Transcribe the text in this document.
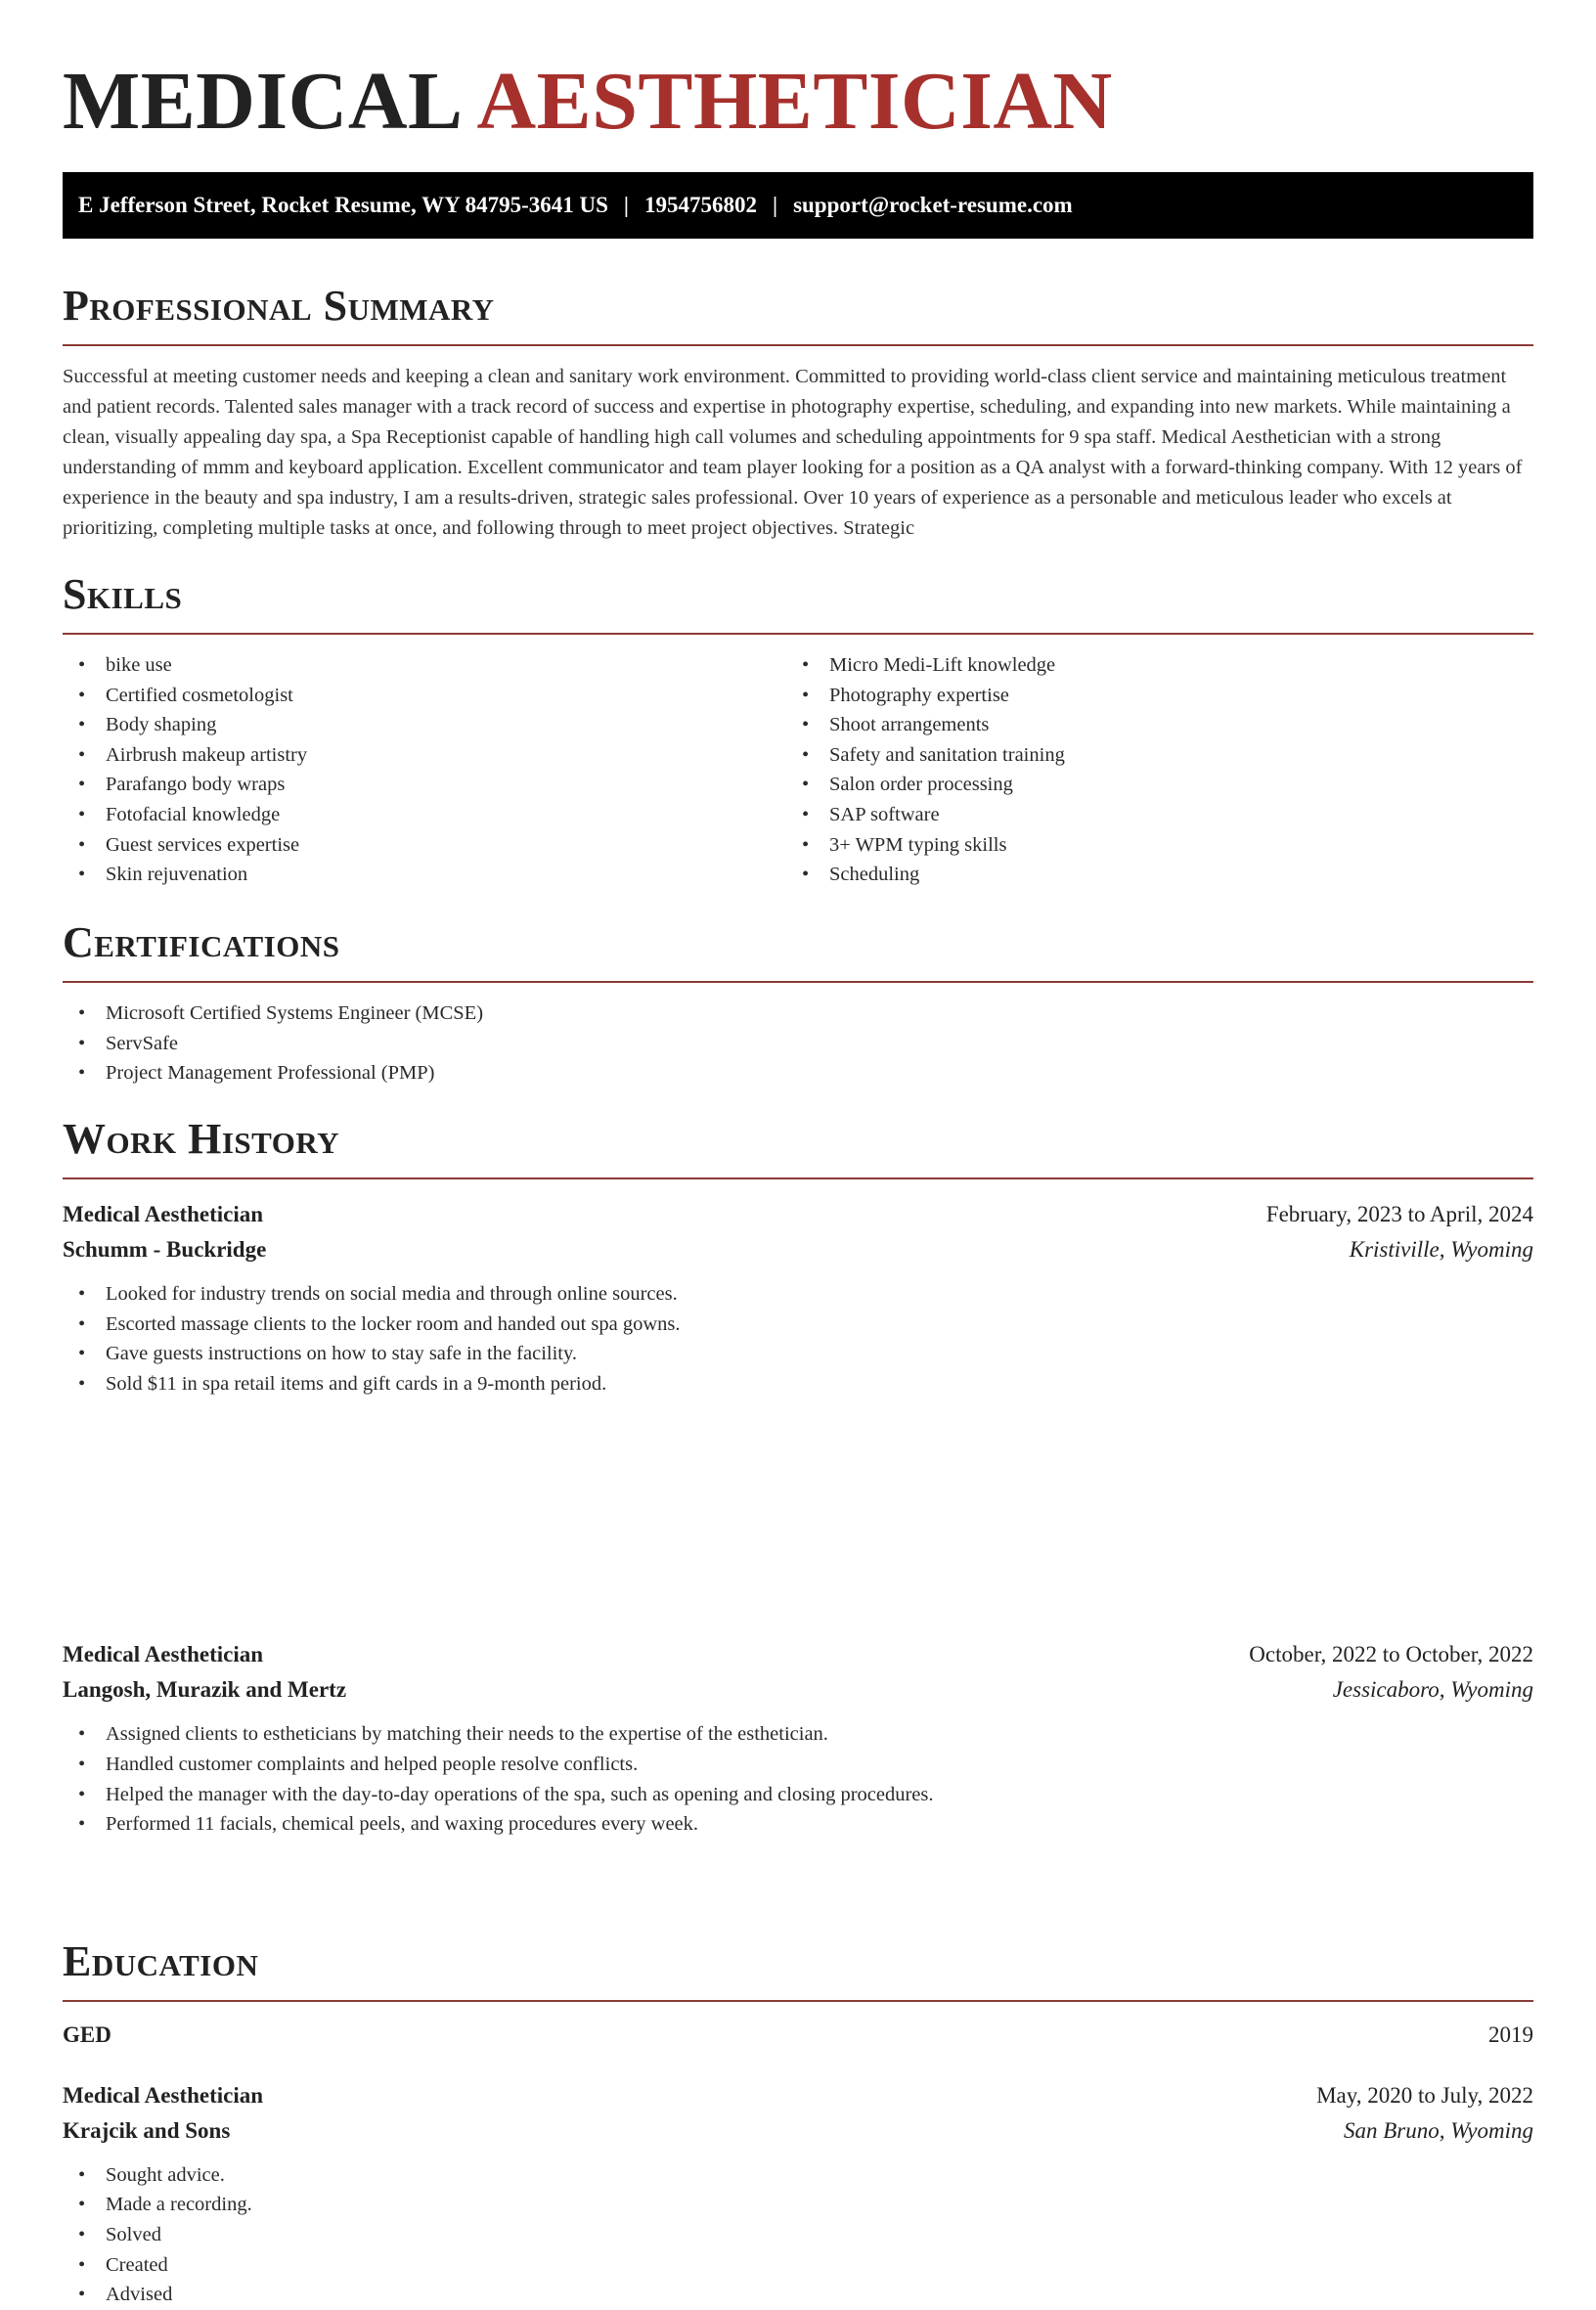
MEDICAL AESTHETICIAN
E Jefferson Street, Rocket Resume, WY 84795-3641 US | 1954756802 | support@rocket-resume.com
Professional Summary
Successful at meeting customer needs and keeping a clean and sanitary work environment. Committed to providing world-class client service and maintaining meticulous treatment and patient records. Talented sales manager with a track record of success and expertise in photography expertise, scheduling, and expanding into new markets. While maintaining a clean, visually appealing day spa, a Spa Receptionist capable of handling high call volumes and scheduling appointments for 9 spa staff. Medical Aesthetician with a strong understanding of mmm and keyboard application. Excellent communicator and team player looking for a position as a QA analyst with a forward-thinking company. With 12 years of experience in the beauty and spa industry, I am a results-driven, strategic sales professional. Over 10 years of experience as a personable and meticulous leader who excels at prioritizing, completing multiple tasks at once, and following through to meet project objectives. Strategic
Skills
• bike use
• Certified cosmetologist
• Body shaping
• Airbrush makeup artistry
• Parafango body wraps
• Fotofacial knowledge
• Guest services expertise
• Skin rejuvenation
• Micro Medi-Lift knowledge
• Photography expertise
• Shoot arrangements
• Safety and sanitation training
• Salon order processing
• SAP software
• 3+ WPM typing skills
• Scheduling
Certifications
• Microsoft Certified Systems Engineer (MCSE)
• ServSafe
• Project Management Professional (PMP)
Work History
Medical Aesthetician	February, 2023 to April, 2024
Schumm - Buckridge	Kristiville, Wyoming
• Looked for industry trends on social media and through online sources.
• Escorted massage clients to the locker room and handed out spa gowns.
• Gave guests instructions on how to stay safe in the facility.
• Sold $11 in spa retail items and gift cards in a 9-month period.
Medical Aesthetician	October, 2022 to October, 2022
Langosh, Murazik and Mertz	Jessicaboro, Wyoming
• Assigned clients to estheticians by matching their needs to the expertise of the esthetician.
• Handled customer complaints and helped people resolve conflicts.
• Helped the manager with the day-to-day operations of the spa, such as opening and closing procedures.
• Performed 11 facials, chemical peels, and waxing procedures every week.
Medical Aesthetician	May, 2020 to July, 2022
Krajcik and Sons	San Bruno, Wyoming
• Sought advice.
• Made a recording.
• Solved
• Created
• Advised
Education
GED	2019
